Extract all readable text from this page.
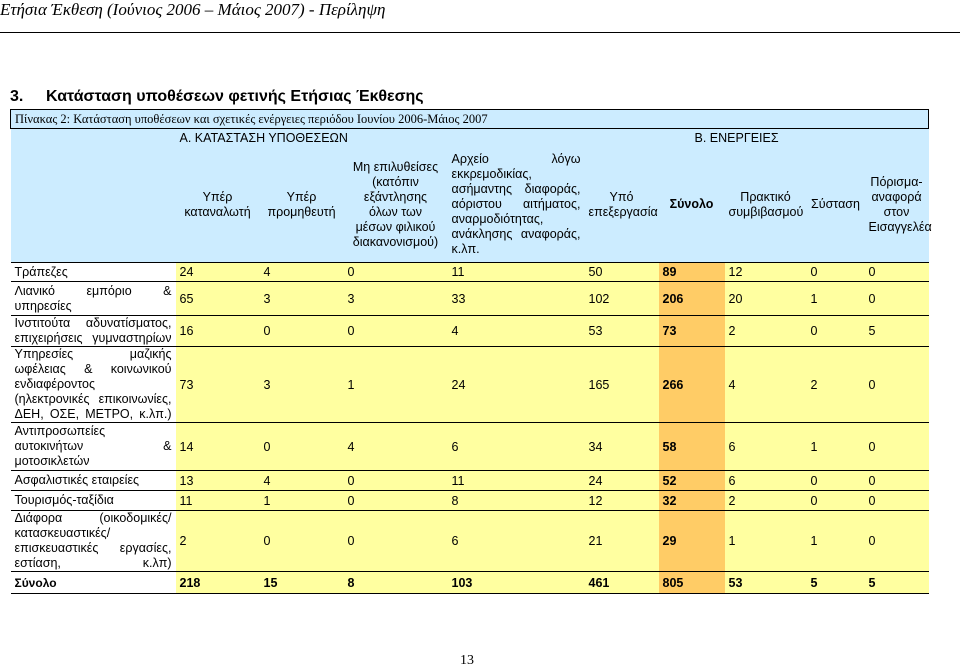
Ετήσια Έκθεση (Ιούνιος 2006 – Μάιος 2007) - Περίληψη
3. Κατάσταση υποθέσεων φετινής Ετήσιας Έκθεσης
Πίνακας 2: Κατάσταση υποθέσεων και σχετικές ενέργειες περιόδου Ιουνίου 2006-Μάιος 2007									
	Α. ΚΑΤΑΣΤΑΣΗ ΥΠΟΘΕΣΕΩΝ					Β. ΕΝΕΡΓΕΙΕΣ			
	Υπέρ καταναλωτή	Υπέρ προμηθευτή	Μη επιλυθείσες (κατόπιν εξάντλησης όλων των μέσων φιλικού διακανονισμού)	Αρχείο λόγω εκκρεμοδικίας, ασήμαντης διαφοράς, αόριστου αιτήματος, αναρμοδιότητας, ανάκλησης αναφοράς, κ.λπ.	Υπό επεξεργασία	Σύνολο	Πρακτικό συμβιβασμού	Σύσταση	Πόρισμα-αναφορά στον Εισαγγελέα
Τράπεζες	24	4	0	11	50	89	12	0	0
Λιανικό εμπόριο & υπηρεσίες	65	3	3	33	102	206	20	1	0
Ινστιτούτα αδυνατίσματος, επιχειρήσεις γυμναστηρίων	16	0	0	4	53	73	2	0	5
Υπηρεσίες μαζικής ωφέλειας & κοινωνικού ενδιαφέροντος (ηλεκτρονικές επικοινωνίες, ΔΕΗ, ΟΣΕ, ΜΕΤΡΟ, κ.λπ.)	73	3	1	24	165	266	4	2	0
Αντιπροσωπείες αυτοκινήτων & μοτοσικλετών	14	0	4	6	34	58	6	1	0
Ασφαλιστικές εταιρείες	13	4	0	11	24	52	6	0	0
Τουρισμός-ταξίδια	11	1	0	8	12	32	2	0	0
Διάφορα (οικοδομικές/ κατασκευαστικές/ επισκευαστικές εργασίες, εστίαση, κ.λπ)	2	0	0	6	21	29	1	1	0
Σύνολο	218	15	8	103	461	805	53	5	5
13
